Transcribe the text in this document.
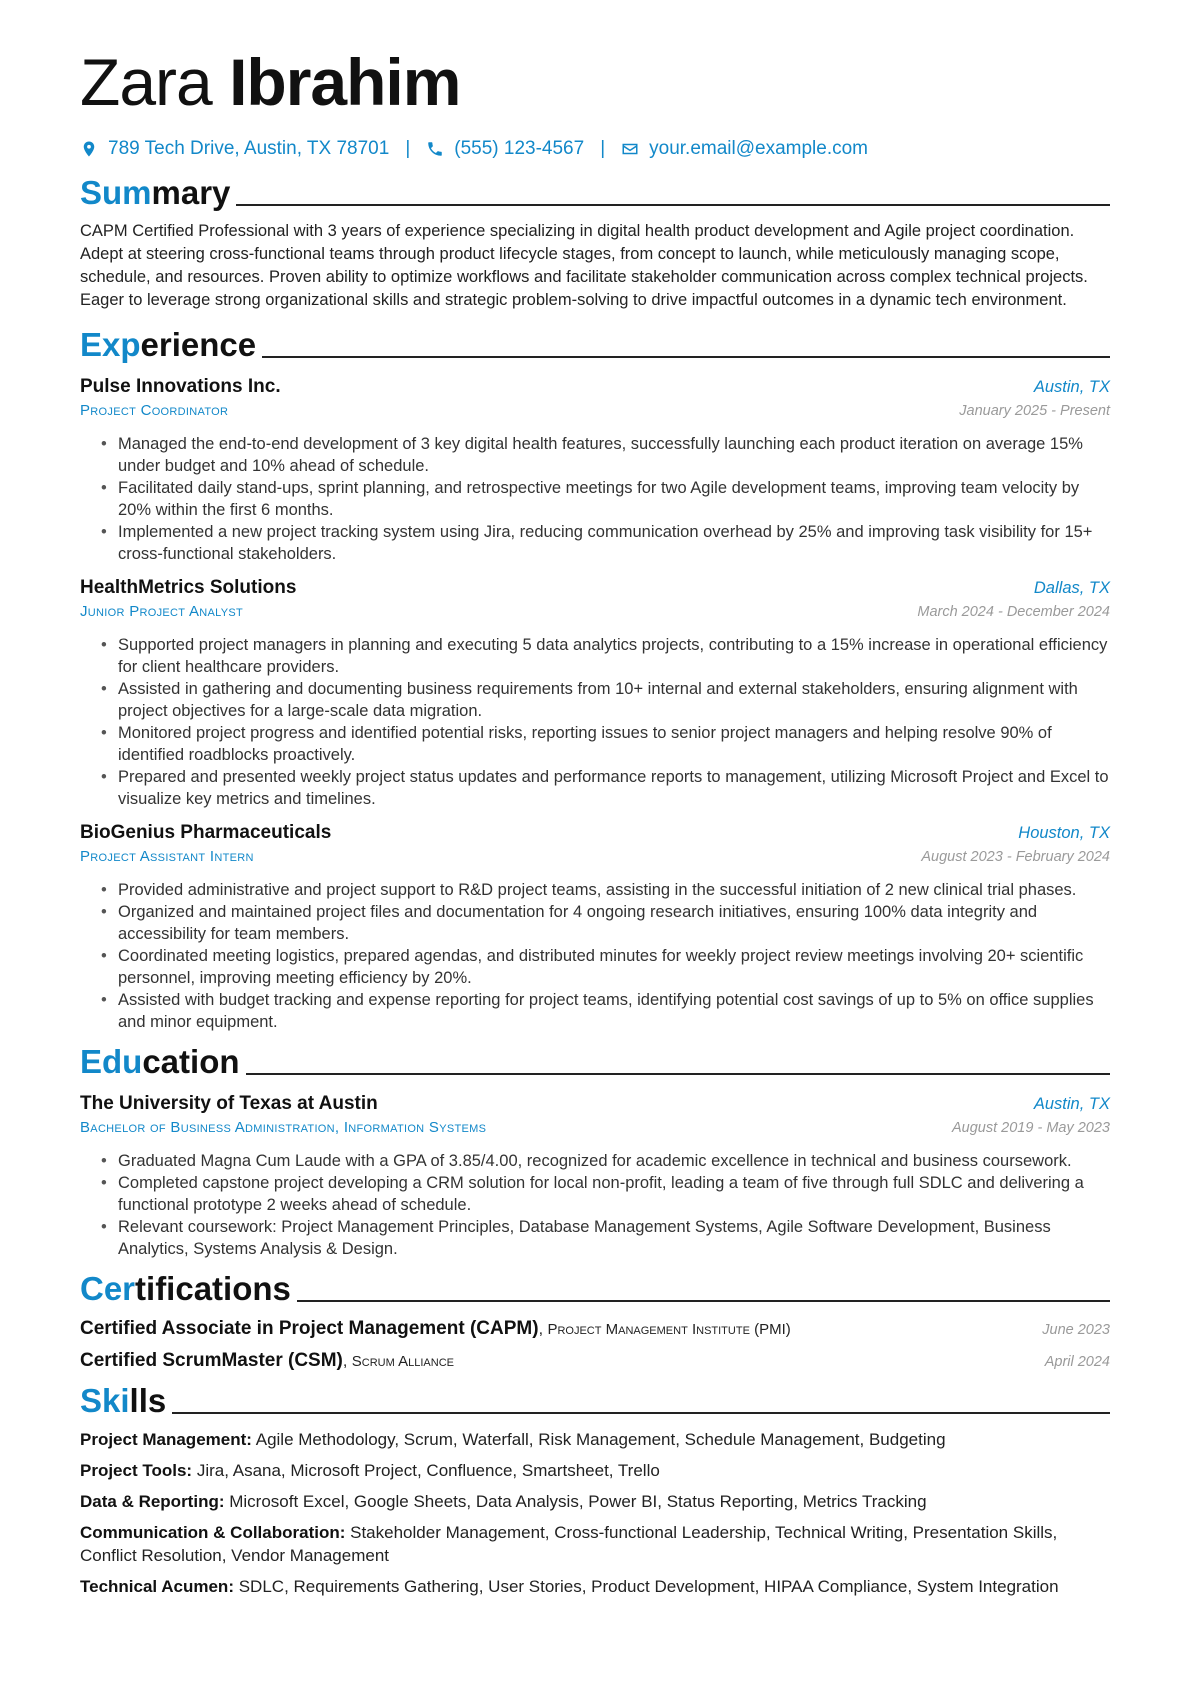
Zara Ibrahim
789 Tech Drive, Austin, TX 78701 | (555) 123-4567 | your.email@example.com
Summary

CAPM Certified Professional with 3 years of experience specializing in digital health product development and Agile project coordination. Adept at steering cross-functional teams through product lifecycle stages, from concept to launch, while meticulously managing scope, schedule, and resources. Proven ability to optimize workflows and facilitate stakeholder communication across complex technical projects. Eager to leverage strong organizational skills and strategic problem-solving to drive impactful outcomes in a dynamic tech environment.

Experience
Pulse Innovations Inc.	Austin, TX
Project Coordinator	January 2025 - Present
• Managed the end-to-end development of 3 key digital health features, successfully launching each product iteration on average 15% under budget and 10% ahead of schedule.
• Facilitated daily stand-ups, sprint planning, and retrospective meetings for two Agile development teams, improving team velocity by 20% within the first 6 months.
• Implemented a new project tracking system using Jira, reducing communication overhead by 25% and improving task visibility for 15+ cross-functional stakeholders.
HealthMetrics Solutions	Dallas, TX
Junior Project Analyst	March 2024 - December 2024
• Supported project managers in planning and executing 5 data analytics projects, contributing to a 15% increase in operational efficiency for client healthcare providers.
• Assisted in gathering and documenting business requirements from 10+ internal and external stakeholders, ensuring alignment with project objectives for a large-scale data migration.
• Monitored project progress and identified potential risks, reporting issues to senior project managers and helping resolve 90% of identified roadblocks proactively.
• Prepared and presented weekly project status updates and performance reports to management, utilizing Microsoft Project and Excel to visualize key metrics and timelines.
BioGenius Pharmaceuticals	Houston, TX
Project Assistant Intern	August 2023 - February 2024
• Provided administrative and project support to R&D project teams, assisting in the successful initiation of 2 new clinical trial phases.
• Organized and maintained project files and documentation for 4 ongoing research initiatives, ensuring 100% data integrity and accessibility for team members.
• Coordinated meeting logistics, prepared agendas, and distributed minutes for weekly project review meetings involving 20+ scientific personnel, improving meeting efficiency by 20%.
• Assisted with budget tracking and expense reporting for project teams, identifying potential cost savings of up to 5% on office supplies and minor equipment.
Education
The University of Texas at Austin	Austin, TX
Bachelor of Business Administration, Information Systems	August 2019 - May 2023
• Graduated Magna Cum Laude with a GPA of 3.85/4.00, recognized for academic excellence in technical and business coursework.
• Completed capstone project developing a CRM solution for local non-profit, leading a team of five through full SDLC and delivering a functional prototype 2 weeks ahead of schedule.
• Relevant coursework: Project Management Principles, Database Management Systems, Agile Software Development, Business Analytics, Systems Analysis & Design.
Certifications
Certified Associate in Project Management (CAPM), Project Management Institute (PMI)	June 2023
Certified ScrumMaster (CSM), Scrum Alliance	April 2024
Skills
Project Management: Agile Methodology, Scrum, Waterfall, Risk Management, Schedule Management, Budgeting
Project Tools: Jira, Asana, Microsoft Project, Confluence, Smartsheet, Trello
Data & Reporting: Microsoft Excel, Google Sheets, Data Analysis, Power BI, Status Reporting, Metrics Tracking
Communication & Collaboration: Stakeholder Management, Cross-functional Leadership, Technical Writing, Presentation Skills, Conflict Resolution, Vendor Management
Technical Acumen: SDLC, Requirements Gathering, User Stories, Product Development, HIPAA Compliance, System Integration
